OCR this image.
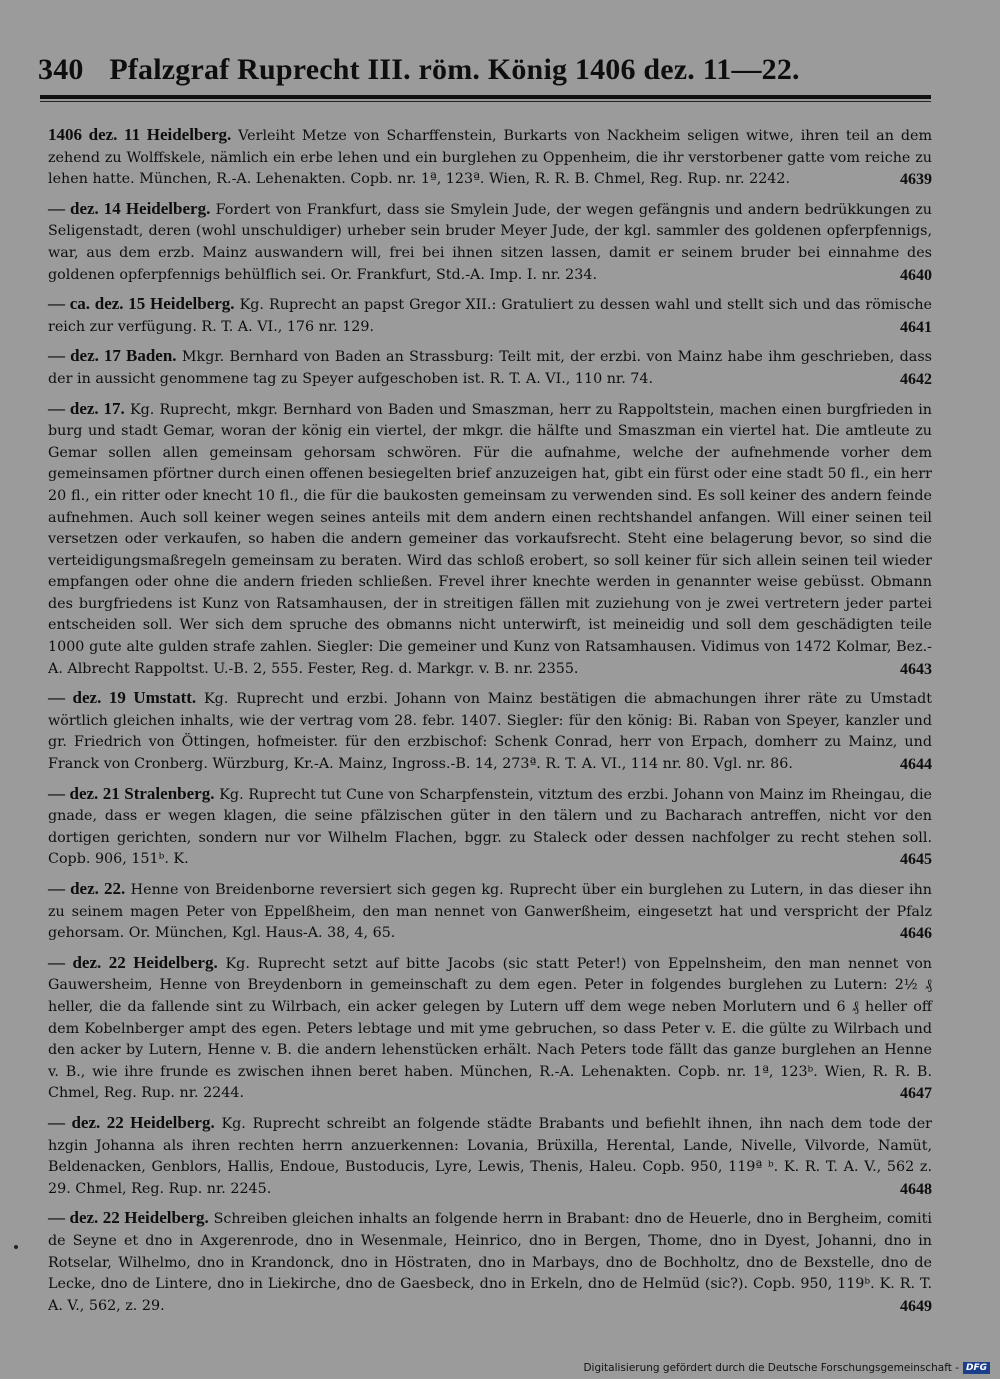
340 Pfalzgraf Ruprecht III. röm. König 1406 dez. 11—22.

1406 dez. 11 Heidelberg. Verleiht Metze von Scharffenstein, Burkarts von Nackheim seligen witwe, ihren teil an dem zehend zu Wolffskele, nämlich ein erbe lehen und ein burglehen zu Oppenheim, die ihr verstorbener gatte vom reiche zu lehen hatte. München, R.-A. Lehenakten. Copb. nr. 1ª, 123ª. Wien, R. R. B. Chmel, Reg. Rup. nr. 2242.	4639

— dez. 14 Heidelberg. Fordert von Frankfurt, dass sie Smylein Jude, der wegen gefängnis und andern bedrükkungen zu Seligenstadt, deren (wohl unschuldiger) urheber sein bruder Meyer Jude, der kgl. sammler des goldenen opferpfennigs, war, aus dem erzb. Mainz auswandern will, frei bei ihnen sitzen lassen, damit er seinem bruder bei einnahme des goldenen opferpfennigs behülflich sei. Or. Frankfurt, Std.-A. Imp. I. nr. 234.	4640

— ca. dez. 15 Heidelberg. Kg. Ruprecht an papst Gregor XII.: Gratuliert zu dessen wahl und stellt sich und das römische reich zur verfügung. R. T. A. VI., 176 nr. 129.	4641

— dez. 17 Baden. Mkgr. Bernhard von Baden an Strassburg: Teilt mit, der erzbi. von Mainz habe ihm geschrieben, dass der in aussicht genommene tag zu Speyer aufgeschoben ist. R. T. A. VI., 110 nr. 74.	4642

— dez. 17. Kg. Ruprecht, mkgr. Bernhard von Baden und Smaszman, herr zu Rappoltstein, machen einen burgfrieden in burg und stadt Gemar, woran der könig ein viertel, der mkgr. die hälfte und Smaszman ein viertel hat. Die amtleute zu Gemar sollen allen gemeinsam gehorsam schwören. Für die aufnahme, welche der aufnehmende vorher dem gemeinsamen pförtner durch einen offenen besiegelten brief anzuzeigen hat, gibt ein fürst oder eine stadt 50 fl., ein herr 20 fl., ein ritter oder knecht 10 fl., die für die baukosten gemeinsam zu verwenden sind. Es soll keiner des andern feinde aufnehmen. Auch soll keiner wegen seines anteils mit dem andern einen rechtshandel anfangen. Will einer seinen teil versetzen oder verkaufen, so haben die andern gemeiner das vorkaufsrecht. Steht eine belagerung bevor, so sind die verteidigungsmaßregeln gemeinsam zu beraten. Wird das schloß erobert, so soll keiner für sich allein seinen teil wieder empfangen oder ohne die andern frieden schließen. Frevel ihrer knechte werden in genannter weise gebüsst. Obmann des burgfriedens ist Kunz von Ratsamhausen, der in streitigen fällen mit zuziehung von je zwei vertretern jeder partei entscheiden soll. Wer sich dem spruche des obmanns nicht unterwirft, ist meineidig und soll dem geschädigten teile 1000 gute alte gulden strafe zahlen. Siegler: Die gemeiner und Kunz von Ratsamhausen. Vidimus von 1472 Kolmar, Bez.-A. Albrecht Rappoltst. U.-B. 2, 555. Fester, Reg. d. Markgr. v. B. nr. 2355.	4643

— dez. 19 Umstatt. Kg. Ruprecht und erzbi. Johann von Mainz bestätigen die abmachungen ihrer räte zu Umstadt wörtlich gleichen inhalts, wie der vertrag vom 28. febr. 1407. Siegler: für den könig: Bi. Raban von Speyer, kanzler und gr. Friedrich von Öttingen, hofmeister. für den erzbischof: Schenk Conrad, herr von Erpach, domherr zu Mainz, und Franck von Cronberg. Würzburg, Kr.-A. Mainz, Ingross.-B. 14, 273ª. R. T. A. VI., 114 nr. 80. Vgl. nr. 86.	4644

— dez. 21 Stralenberg. Kg. Ruprecht tut Cune von Scharpfenstein, vitztum des erzbi. Johann von Mainz im Rheingau, die gnade, dass er wegen klagen, die seine pfälzischen güter in den tälern und zu Bacharach antreffen, nicht vor den dortigen gerichten, sondern nur vor Wilhelm Flachen, bggr. zu Staleck oder dessen nachfolger zu recht stehen soll. Copb. 906, 151ᵇ. K.	4645

— dez. 22. Henne von Breidenborne reversiert sich gegen kg. Ruprecht über ein burglehen zu Lutern, in das dieser ihn zu seinem magen Peter von Eppelßheim, den man nennet von Ganwerßheim, eingesetzt hat und verspricht der Pfalz gehorsam. Or. München, Kgl. Haus-A. 38, 4, 65.	4646

— dez. 22 Heidelberg. Kg. Ruprecht setzt auf bitte Jacobs (sic statt Peter!) von Eppelnsheim, den man nennet von Gauwersheim, Henne von Breydenborn in gemeinschaft zu dem egen. Peter in folgendes burglehen zu Lutern: 2½ ₰ heller, die da fallende sint zu Wilrbach, ein acker gelegen by Lutern uff dem wege neben Morlutern und 6 ₰ heller off dem Kobelnberger ampt des egen. Peters lebtage und mit yme gebruchen, so dass Peter v. E. die gülte zu Wilrbach und den acker by Lutern, Henne v. B. die andern lehenstücken erhält. Nach Peters tode fällt das ganze burglehen an Henne v. B., wie ihre frunde es zwischen ihnen beret haben. München, R.-A. Lehenakten. Copb. nr. 1ª, 123ᵇ. Wien, R. R. B. Chmel, Reg. Rup. nr. 2244.	4647

— dez. 22 Heidelberg. Kg. Ruprecht schreibt an folgende städte Brabants und befiehlt ihnen, ihn nach dem tode der hzgin Johanna als ihren rechten herrn anzuerkennen: Lovania, Brüxilla, Herental, Lande, Nivelle, Vilvorde, Namüt, Beldenacken, Genblors, Hallis, Endoue, Bustoducis, Lyre, Lewis, Thenis, Haleu. Copb. 950, 119ª ᵇ. K. R. T. A. V., 562 z. 29. Chmel, Reg. Rup. nr. 2245.	4648

— dez. 22 Heidelberg. Schreiben gleichen inhalts an folgende herrn in Brabant: dno de Heuerle, dno in Bergheim, comiti de Seyne et dno in Axgerenrode, dno in Wesenmale, Heinrico, dno in Bergen, Thome, dno in Dyest, Johanni, dno in Rotselar, Wilhelmo, dno in Krandonck, dno in Höstraten, dno in Marbays, dno de Bochholtz, dno de Bexstelle, dno de Lecke, dno de Lintere, dno in Liekirche, dno de Gaesbeck, dno in Erkeln, dno de Helmüd (sic?). Copb. 950, 119ᵇ. K. R. T. A. V., 562, z. 29.	4649

Digitalisierung gefördert durch die Deutsche Forschungsgemeinschaft - DFG
